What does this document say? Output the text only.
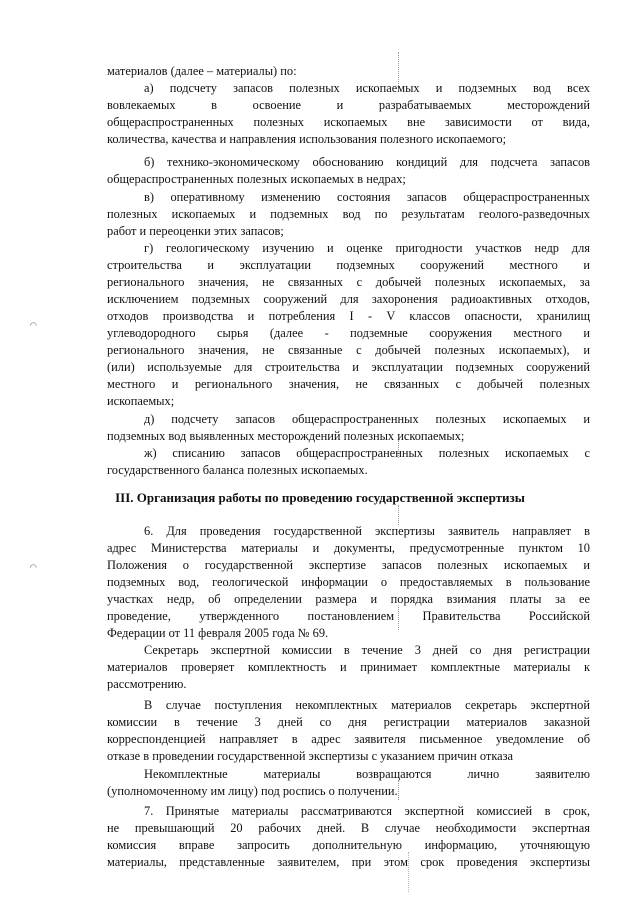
⌒
⌒
материалов (далее – материалы) по:
а) подсчету запасов полезных ископаемых и подземных вод всех
вовлекаемых в освоение и разрабатываемых месторождений
общераспространенных полезных ископаемых вне зависимости от вида,
количества, качества и направления использования полезного ископаемого;
б) технико-экономическому обоснованию кондиций для подсчета запасов
общераспространенных полезных ископаемых в недрах;
в) оперативному изменению состояния запасов общераспространенных
полезных ископаемых и подземных вод по результатам геолого-разведочных
работ и переоценки этих запасов;
г) геологическому изучению и оценке пригодности участков недр для
строительства и эксплуатации подземных сооружений местного и
регионального значения, не связанных с добычей полезных ископаемых, за
исключением подземных сооружений для захоронения радиоактивных отходов,
отходов производства и потребления I - V классов опасности, хранилищ
углеводородного сырья (далее - подземные сооружения местного и
регионального значения, не связанные с добычей полезных ископаемых), и
(или) используемые для строительства и эксплуатации подземных сооружений
местного и регионального значения, не связанных с добычей полезных
ископаемых;
д) подсчету запасов общераспространенных полезных ископаемых и
подземных вод выявленных месторождений полезных ископаемых;
ж) списанию запасов общераспространенных полезных ископаемых с
государственного баланса полезных ископаемых.
III. Организация работы по проведению государственной экспертизы
6. Для проведения государственной экспертизы заявитель направляет в
адрес Министерства материалы и документы, предусмотренные пунктом 10
Положения о государственной экспертизе запасов полезных ископаемых и
подземных вод, геологической информации о предоставляемых в пользование
участках недр, об определении размера и порядка взимания платы за ее
проведение, утвержденного постановлением Правительства Российской
Федерации от 11 февраля 2005 года № 69.
Секретарь экспертной комиссии в течение 3 дней со дня регистрации
материалов проверяет комплектность и принимает комплектные материалы к
рассмотрению.
В случае поступления некомплектных материалов секретарь экспертной
комиссии в течение 3 дней со дня регистрации материалов заказной
корреспонденцией направляет в адрес заявителя письменное уведомление об
отказе в проведении государственной экспертизы с указанием причин отказа
Некомплектные материалы возвращаются лично заявителю
(уполномоченному им лицу) под роспись о получении.
7. Принятые материалы рассматриваются экспертной комиссией в срок,
не превышающий 20 рабочих дней. В случае необходимости экспертная
комиссия вправе запросить дополнительную информацию, уточняющую
материалы, представленные заявителем, при этом срок проведения экспертизы
